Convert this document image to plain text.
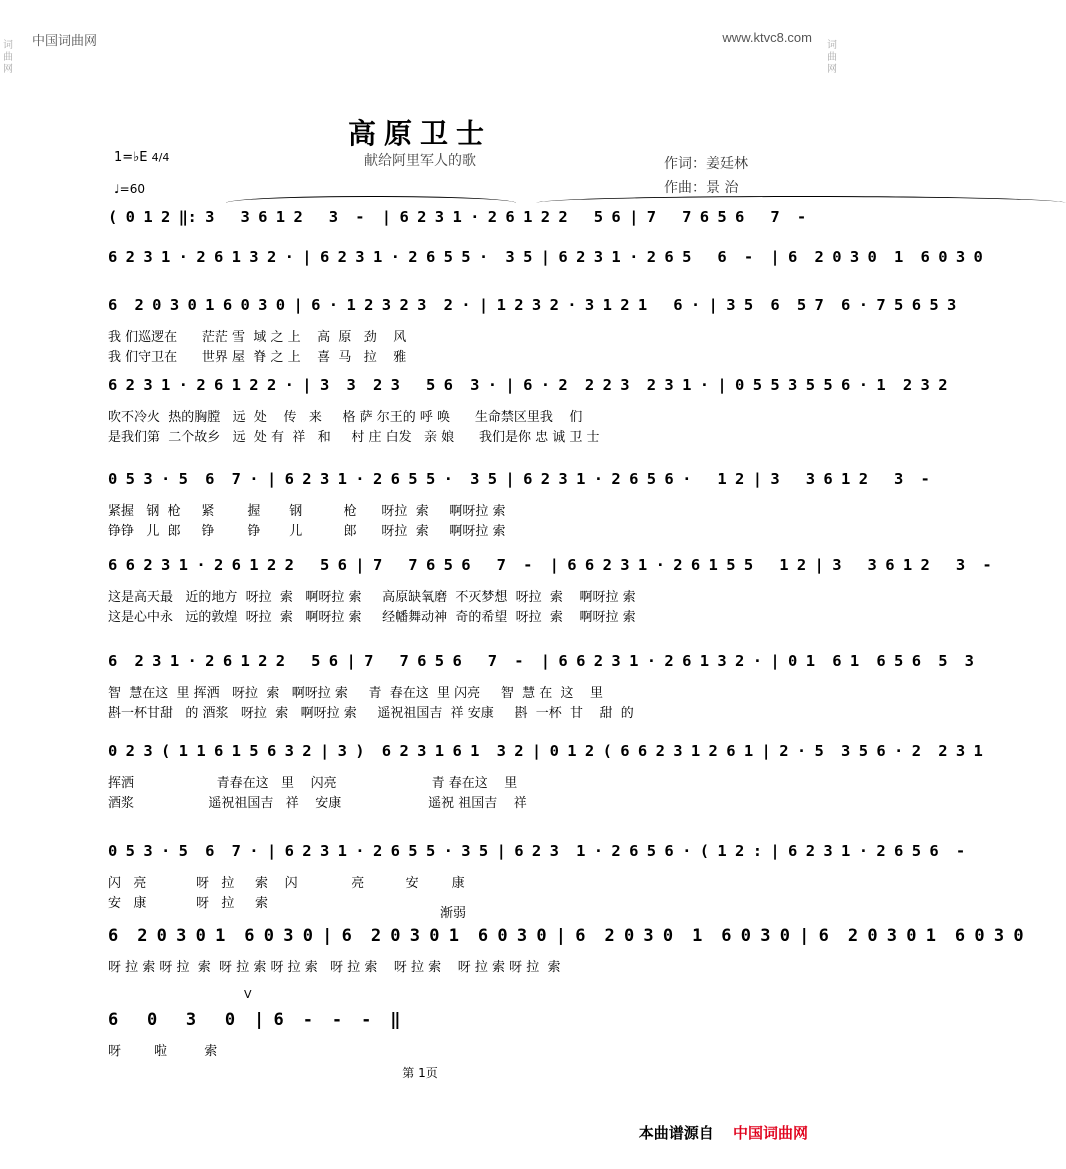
中国词曲网	www.ktvc8.com
词
曲
网
词
曲
网
高原卫士
献给阿里军人的歌	作词：姜廷林
作曲：景 治
1=♭E 4/4
♩=60
( 0 1 2 ‖: 3   3 6 1 2   3  -  | 6 2 3 1 · 2 6 1 2 2   5 6 | 7   7 6 5 6   7  -
6 2 3 1 · 2 6 1 3 2 · | 6 2 3 1 · 2 6 5 5 ·  3 5 | 6 2 3 1 · 2 6 5   6  -  | 6  2 0 3 0  1  6 0 3 0
6  2 0 3 0 1 6 0 3 0 | 6 · 1 2 3 2 3  2 · | 1 2 3 2 · 3 1 2 1   6 · | 3 5  6  5 7  6 · 7 5 6 5 3
我 们巡逻在      茫茫 雪  域 之 上    高  原   劲    风
我 们守卫在      世界 屋  脊 之 上    喜  马   拉    雅
6 2 3 1 · 2 6 1 2 2 · | 3  3  2 3   5 6  3 · | 6 · 2  2 2 3  2 3 1 · | 0 5 5 3 5 5 6 · 1  2 3 2
吹不冷火  热的胸膛   远  处    传   来     格 萨 尔王的 呼 唤      生命禁区里我    们
是我们第  二个故乡   远  处 有  祥   和     村 庄 白发   亲 娘      我们是你 忠 诚 卫 士
0 5 3 · 5  6  7 · | 6 2 3 1 · 2 6 5 5 ·  3 5 | 6 2 3 1 · 2 6 5 6 ·   1 2 | 3   3 6 1 2   3  -
紧握   钢  枪     紧        握       钢          枪      呀拉  索     啊呀拉 索
铮铮   儿  郎     铮        铮       儿          郎      呀拉  索     啊呀拉 索
6 6 2 3 1 · 2 6 1 2 2   5 6 | 7   7 6 5 6   7  -  | 6 6 2 3 1 · 2 6 1 5 5   1 2 | 3   3 6 1 2   3  -
这是高天最   近的地方  呀拉  索   啊呀拉 索     高原缺氧磨  不灭梦想  呀拉  索    啊呀拉 索
这是心中永   远的敦煌  呀拉  索   啊呀拉 索     经幡舞动神  奇的希望  呀拉  索    啊呀拉 索
6  2 3 1 · 2 6 1 2 2   5 6 | 7   7 6 5 6   7  -  | 6 6 2 3 1 · 2 6 1 3 2 · | 0 1  6 1  6 5 6  5  3
智  慧在这  里 挥洒   呀拉  索   啊呀拉 索     青  春在这  里 闪亮     智  慧 在  这    里
斟一杯甘甜   的 酒浆   呀拉  索   啊呀拉 索     遥祝祖国吉  祥 安康     斟  一杯  甘    甜  的
0 2 3 ( 1 1 6 1 5 6 3 2 | 3 )  6 2 3 1 6 1  3 2 | 0 1 2 ( 6 6 2 3 1 2 6 1 | 2 · 5  3 5 6 · 2  2 3 1
挥洒                    青春在这   里    闪亮                       青 春在这    里
酒浆                  遥祝祖国吉   祥    安康                     遥祝 祖国吉    祥
0 5 3 · 5  6  7 · | 6 2 3 1 · 2 6 5 5 · 3 5 | 6 2 3  1 · 2 6 5 6 · ( 1 2 : | 6 2 3 1 · 2 6 5 6  -
闪   亮            呀   拉     索    闪             亮          安        康
安   康            呀   拉     索
6  2 0 3 0 1  6 0 3 0 | 6  2 0 3 0 1  6 0 3 0 | 6  2 0 3 0  1  6 0 3 0 | 6  2 0 3 0 1  6 0 3 0
呀 拉 索 呀 拉  索  呀 拉 索 呀 拉 索   呀 拉 索    呀 拉 索    呀 拉 索 呀 拉  索
6   0   3   0  | 6  -  -  -  ‖
呀        啦         索
渐弱
V
第 1页
本曲谱源自 中国词曲网
